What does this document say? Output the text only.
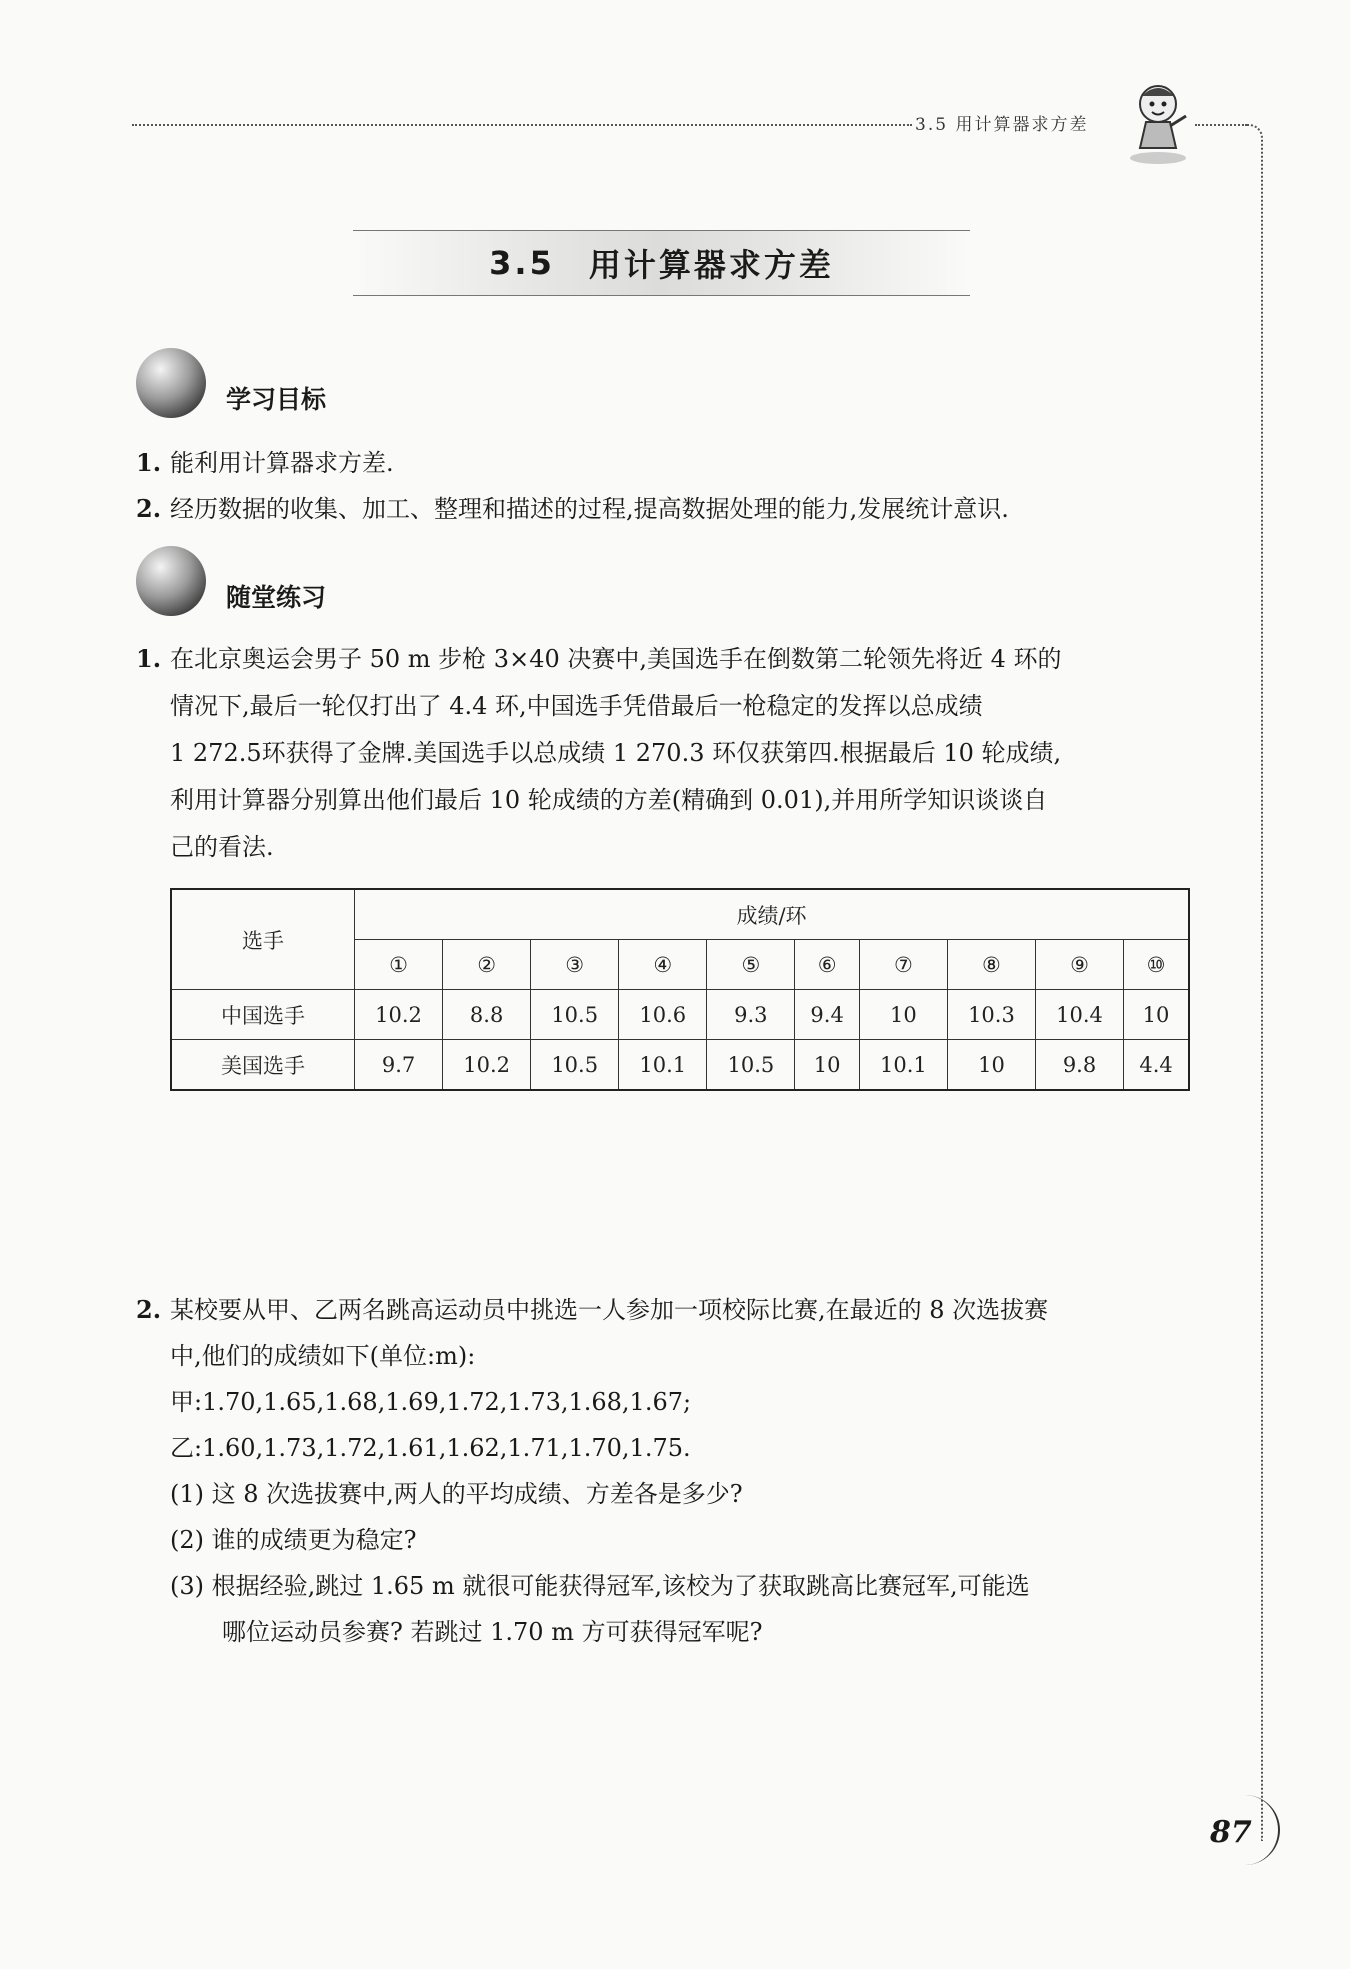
3.5 用计算器求方差
3.5 用计算器求方差
学习目标
1. 能利用计算器求方差.
2. 经历数据的收集、加工、整理和描述的过程,提高数据处理的能力,发展统计意识.
随堂练习
1. 在北京奥运会男子 50 m 步枪 3×40 决赛中,美国选手在倒数第二轮领先将近 4 环的
情况下,最后一轮仅打出了 4.4 环,中国选手凭借最后一枪稳定的发挥以总成绩
1 272.5环获得了金牌.美国选手以总成绩 1 270.3 环仅获第四.根据最后 10 轮成绩,
利用计算器分别算出他们最后 10 轮成绩的方差(精确到 0.01),并用所学知识谈谈自
己的看法.
选手	成绩/环									
	①	②	③	④	⑤	⑥	⑦	⑧	⑨	⑩
中国选手	10.2	8.8	10.5	10.6	9.3	9.4	10	10.3	10.4	10
美国选手	9.7	10.2	10.5	10.1	10.5	10	10.1	10	9.8	4.4
2. 某校要从甲、乙两名跳高运动员中挑选一人参加一项校际比赛,在最近的 8 次选拔赛
中,他们的成绩如下(单位:m):
甲:1.70,1.65,1.68,1.69,1.72,1.73,1.68,1.67;
乙:1.60,1.73,1.72,1.61,1.62,1.71,1.70,1.75.
(1) 这 8 次选拔赛中,两人的平均成绩、方差各是多少?
(2) 谁的成绩更为稳定?
(3) 根据经验,跳过 1.65 m 就很可能获得冠军,该校为了获取跳高比赛冠军,可能选
哪位运动员参赛? 若跳过 1.70 m 方可获得冠军呢?
87
